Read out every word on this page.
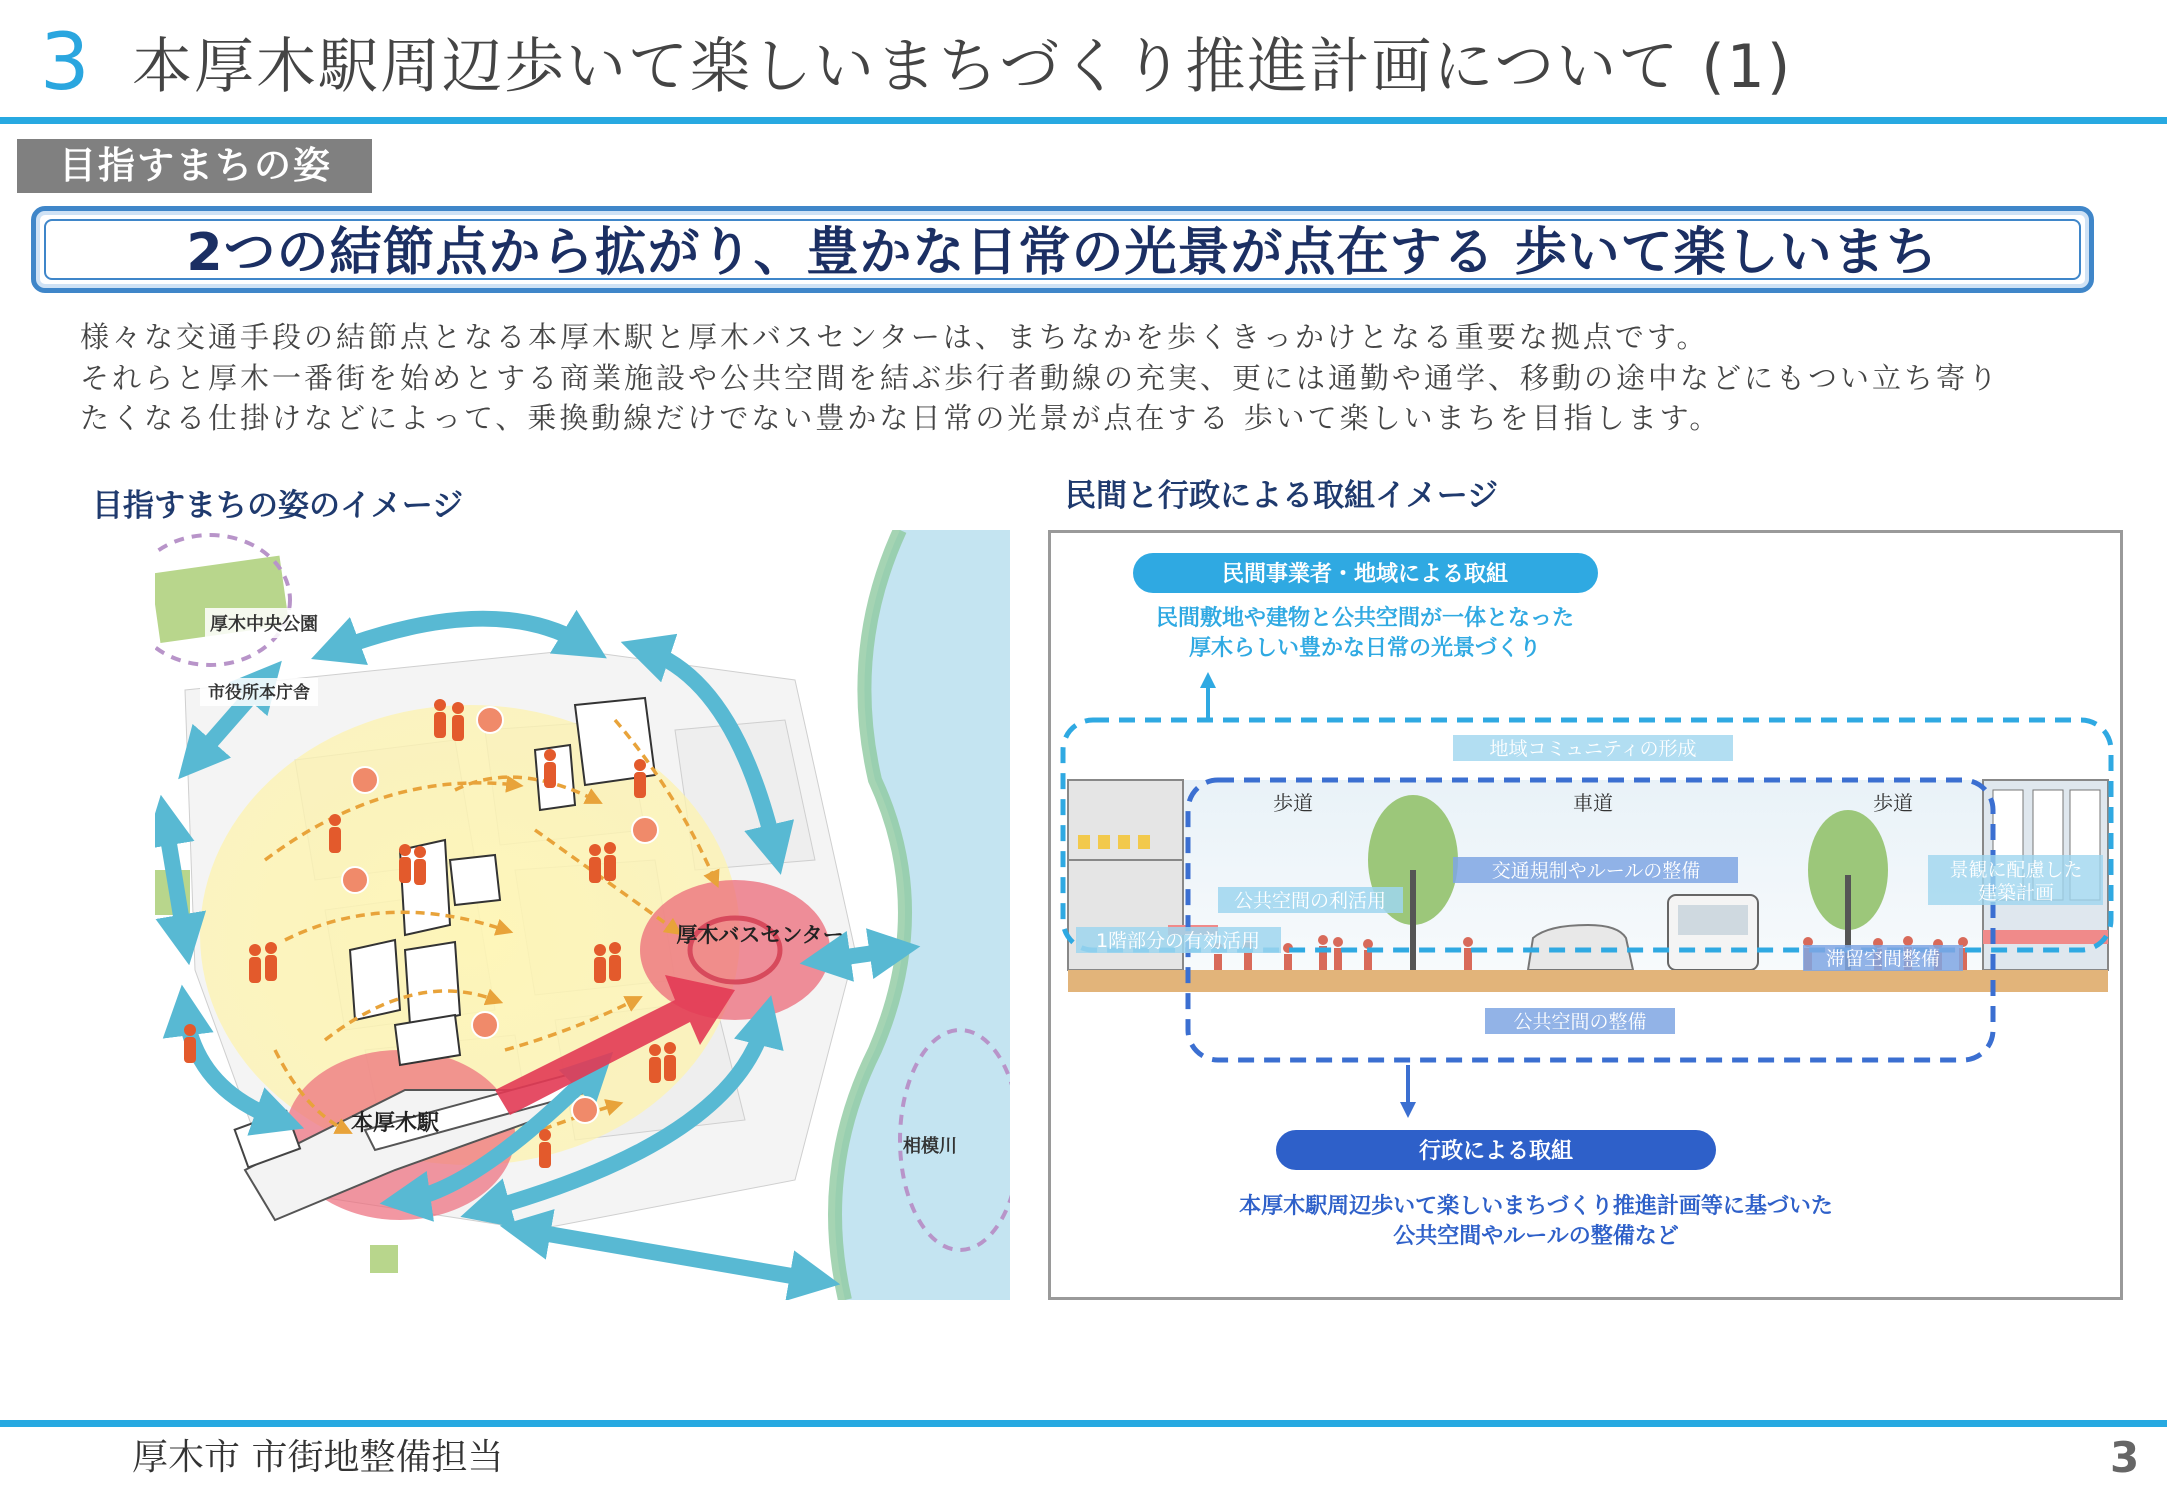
3 本厚木駅周辺歩いて楽しいまちづくり推進計画について (1)
目指すまちの姿
2つの結節点から拡がり、豊かな日常の光景が点在する 歩いて楽しいまち
様々な交通手段の結節点となる本厚木駅と厚木バスセンターは、まちなかを歩くきっかけとなる重要な拠点です。
それらと厚木一番街を始めとする商業施設や公共空間を結ぶ歩行者動線の充実、更には通勤や通学、移動の途中などにもつい立ち寄り
たくなる仕掛けなどによって、乗換動線だけでない豊かな日常の光景が点在する 歩いて楽しいまちを目指します。
目指すまちの姿のイメージ
厚木中央公園
市役所本庁舎
厚木バスセンター
本厚木駅
相模川
民間と行政による取組イメージ
民間事業者・地域による取組
民間敷地や建物と公共空間が一体となった
厚木らしい豊かな日常の光景づくり
地域コミュニティの形成
歩道	車道	歩道
交通規制やルールの整備	景観に配慮した
建築計画
公共空間の利活用
1階部分の有効活用
滞留空間整備
公共空間の整備
行政による取組
本厚木駅周辺歩いて楽しいまちづくり推進計画等に基づいた
公共空間やルールの整備など
厚木市 市街地整備担当	3
